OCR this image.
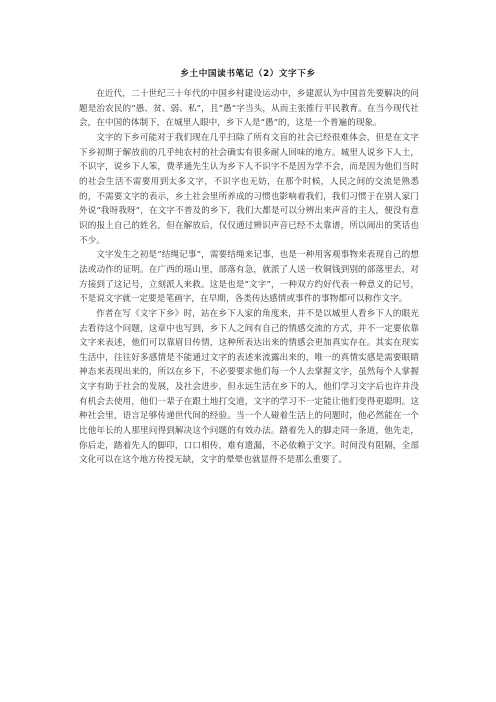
乡土中国读书笔记（2）文字下乡

在近代，二十世纪三十年代的中国乡村建设运动中，乡建派认为中国首先要解决的问题是治农民的“愚、贫、弱、私”，且“愚”字当头，从而主张推行平民教育。在当今现代社会，在中国的体制下，在城里人眼中，乡下人是“愚”的，这是一个普遍的现象。

文字的下乡可能对于我们现在几乎扫除了所有文盲的社会已经很难体会，但是在文字下乡初期于解放前的几乎纯农村的社会确实有很多耐人回味的地方。城里人说乡下人土，不识字，说乡下人笨，费孝通先生认为乡下人不识字不是因为学不会，而是因为他们当时的社会生活不需要用到太多文字，不识字也无妨，在那个时候，人民之间的交流是熟悉的，不需要文字的表示，乡土社会里所养成的习惯也影响着我们，我们习惯于在别人家门外说“我呀我呀”，在文字不普及的乡下，我们大都是可以分辨出来声音的主人，便没有意识的报上自己的姓名，但在解放后，仅仅通过辨识声音已经不太靠谱，所以闹出的笑话也不少。

文字发生之初是“结绳记事”，需要结绳来记事，也是一种用客观事物来表现自己的想法或动作的证明。在广西的瑶山里，部落有急，就派了人送一枚铜钱到别的部落里去，对方接到了这记号，立刻派人来救。这是也是“文字”，一种双方约好代表一种意义的记号，不是说文字就一定要是笔画字，在早期，各类传达感情或事件的事物都可以称作文字。

作者在写《文字下乡》时，站在乡下人家的角度来，并不是以城里人看乡下人的眼光去看待这个问题，这章中也写到，乡下人之间有自己的情感交流的方式，并不一定要依靠文字来表述，他们可以靠眉目传情，这种所表达出来的情感会更加真实存在。其实在现实生活中，往往好多感情是不能通过文字的表述来流露出来的，唯一的真情实感是需要眼睛神态来表现出来的，所以在乡下，不必要要求他们每一个人去掌握文字，虽然每个人掌握文字有助于社会的发展，及社会进步，但永远生活在乡下的人，他们学习文字后也许并没有机会去使用，他们一辈子在跟土地打交道，文字的学习不一定能让他们变得更聪明。这种社会里，语言足够传递世代间的经验。当一个人碰着生活上的问题时，他必然能在一个比他年长的人那里问得到解决这个问题的有效办法。踏着先人的脚走同一条道，他先走，你后走，踏着先人的脚印，口口相传，难有遗漏，不必依赖于文字。时间没有阻隔，全部文化可以在这个地方传授无缺，文字的晕晕也就显得不是那么重要了。
